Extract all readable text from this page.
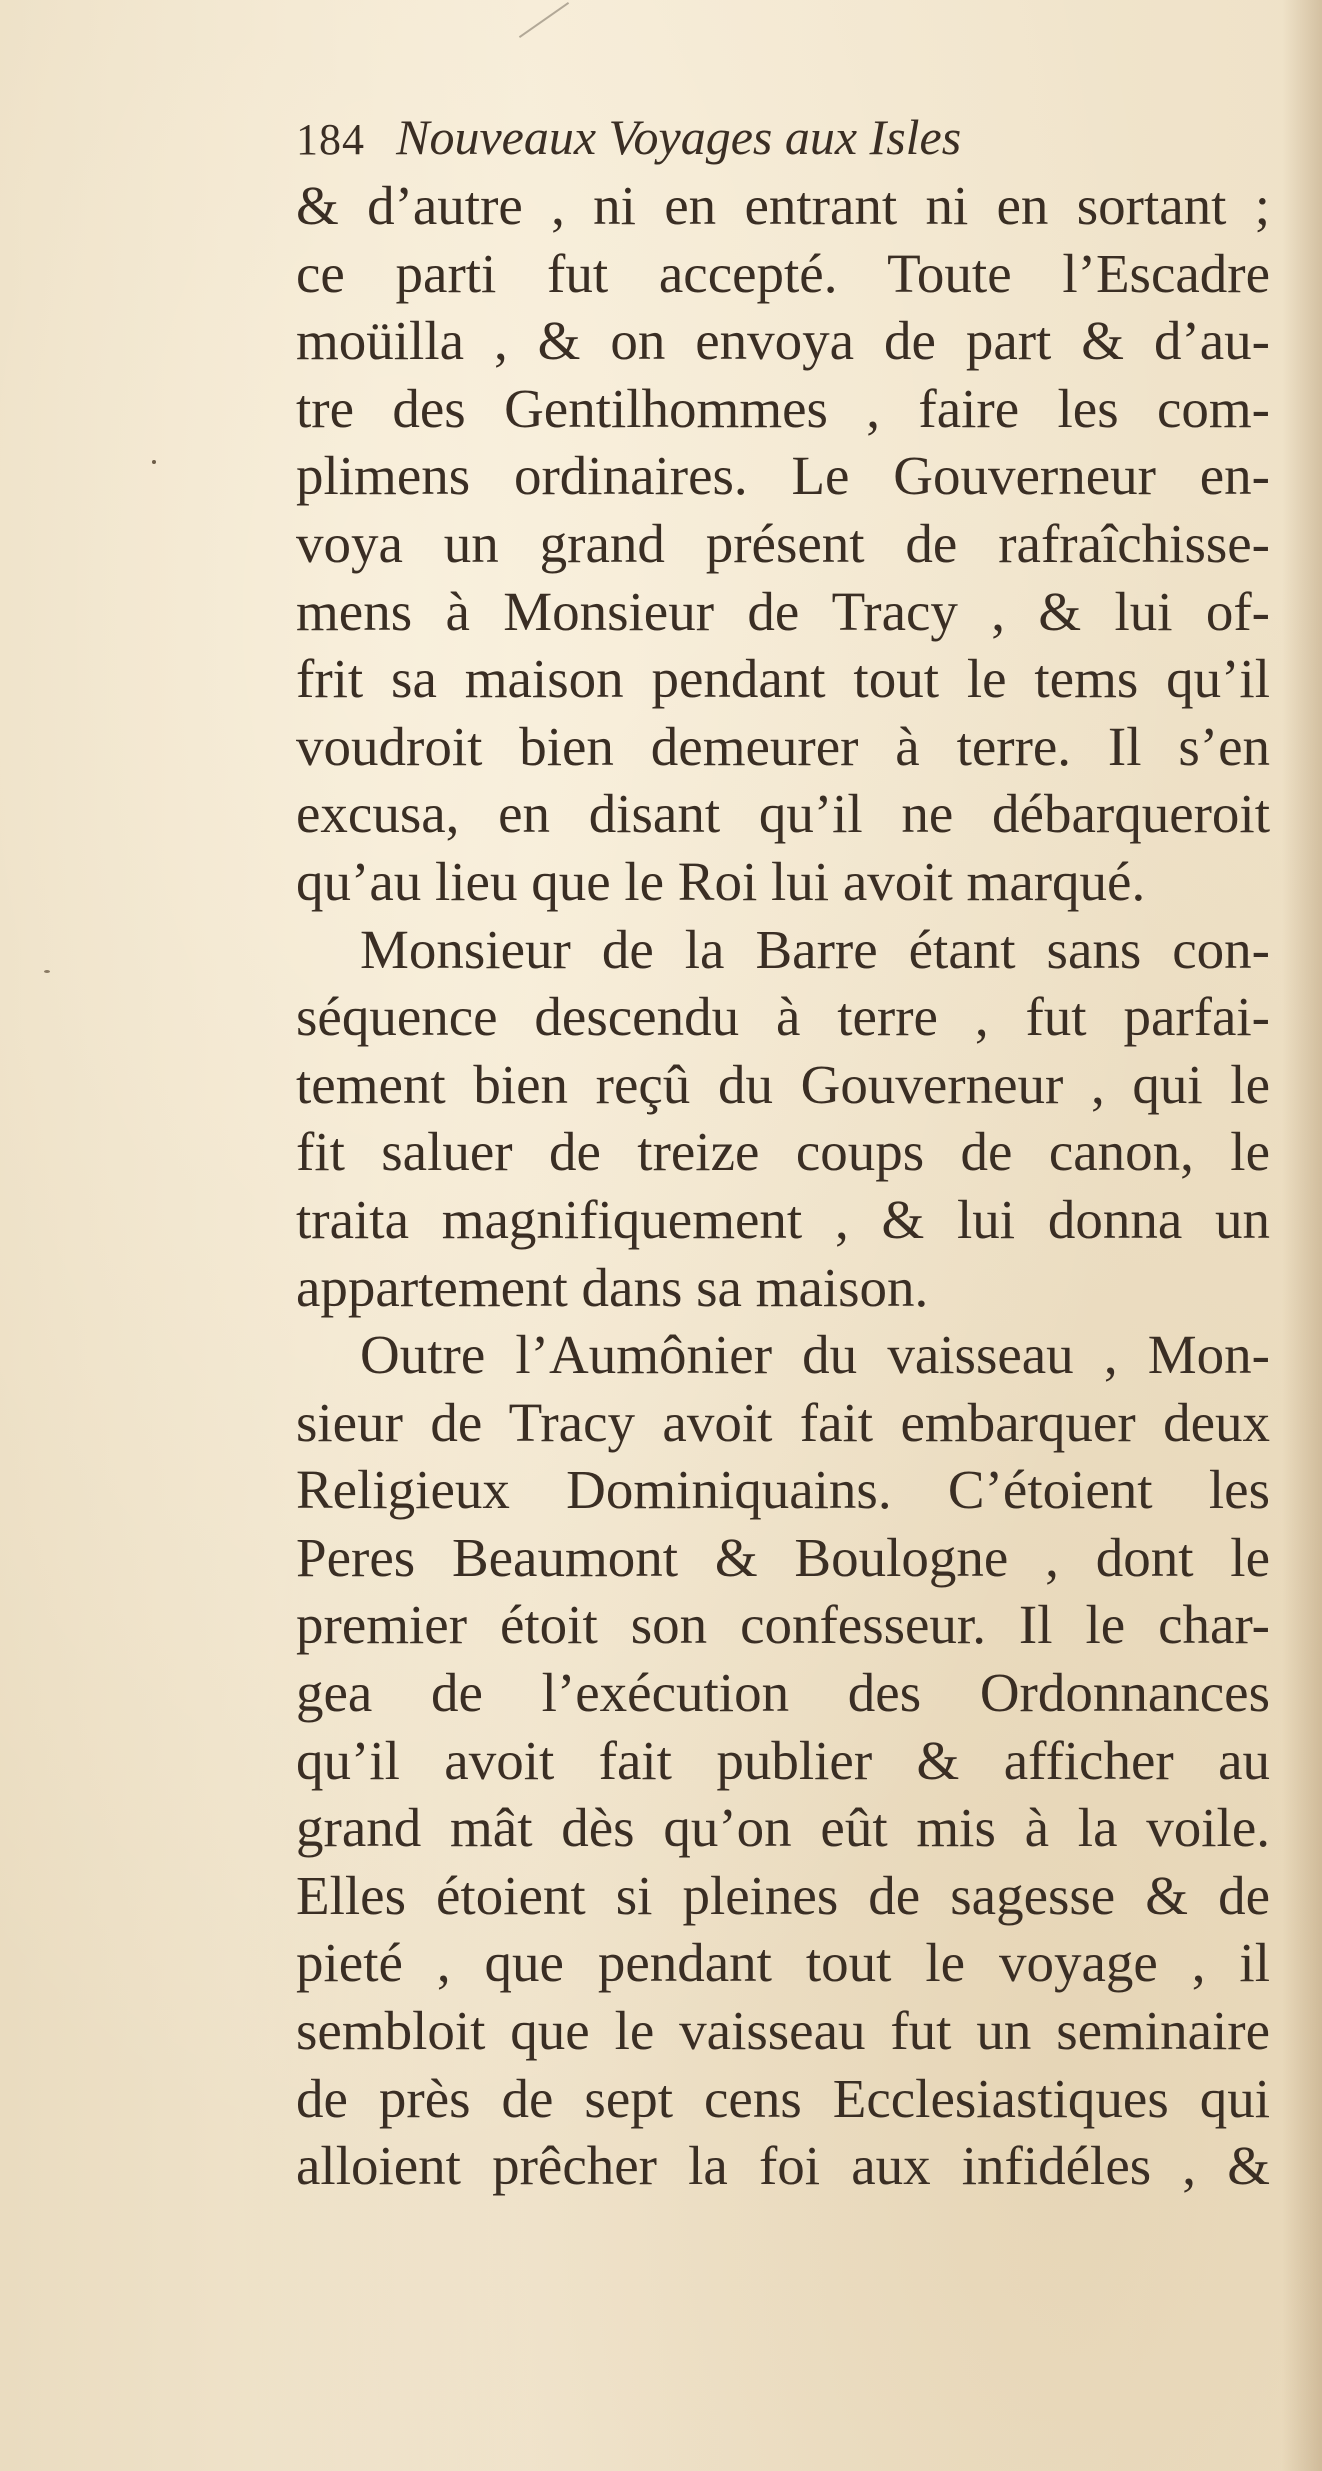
184 Nouveaux Voyages aux Isles
& d’autre , ni en entrant ni en sortant ;
ce parti fut accepté. Toute l’Escadre
moüilla , & on envoya de part & d’au-
tre des Gentilhommes , faire les com-
plimens ordinaires. Le Gouverneur en-
voya un grand présent de rafraîchisse-
mens à Monsieur de Tracy , & lui of-
frit sa maison pendant tout le tems qu’il
voudroit bien demeurer à terre. Il s’en
excusa, en disant qu’il ne débarqueroit
qu’au lieu que le Roi lui avoit marqué.
Monsieur de la Barre étant sans con-
séquence descendu à terre , fut parfai-
tement bien reçû du Gouverneur , qui le
fit saluer de treize coups de canon, le
traita magnifiquement , & lui donna un
appartement dans sa maison.
Outre l’Aumônier du vaisseau , Mon-
sieur de Tracy avoit fait embarquer deux
Religieux Dominiquains. C’étoient les
Peres Beaumont & Boulogne , dont le
premier étoit son confesseur. Il le char-
gea de l’exécution des Ordonnances
qu’il avoit fait publier & afficher au
grand mât dès qu’on eût mis à la voile.
Elles étoient si pleines de sagesse & de
pieté , que pendant tout le voyage , il
sembloit que le vaisseau fut un seminaire
de près de sept cens Ecclesiastiques qui
alloient prêcher la foi aux infidéles , &
